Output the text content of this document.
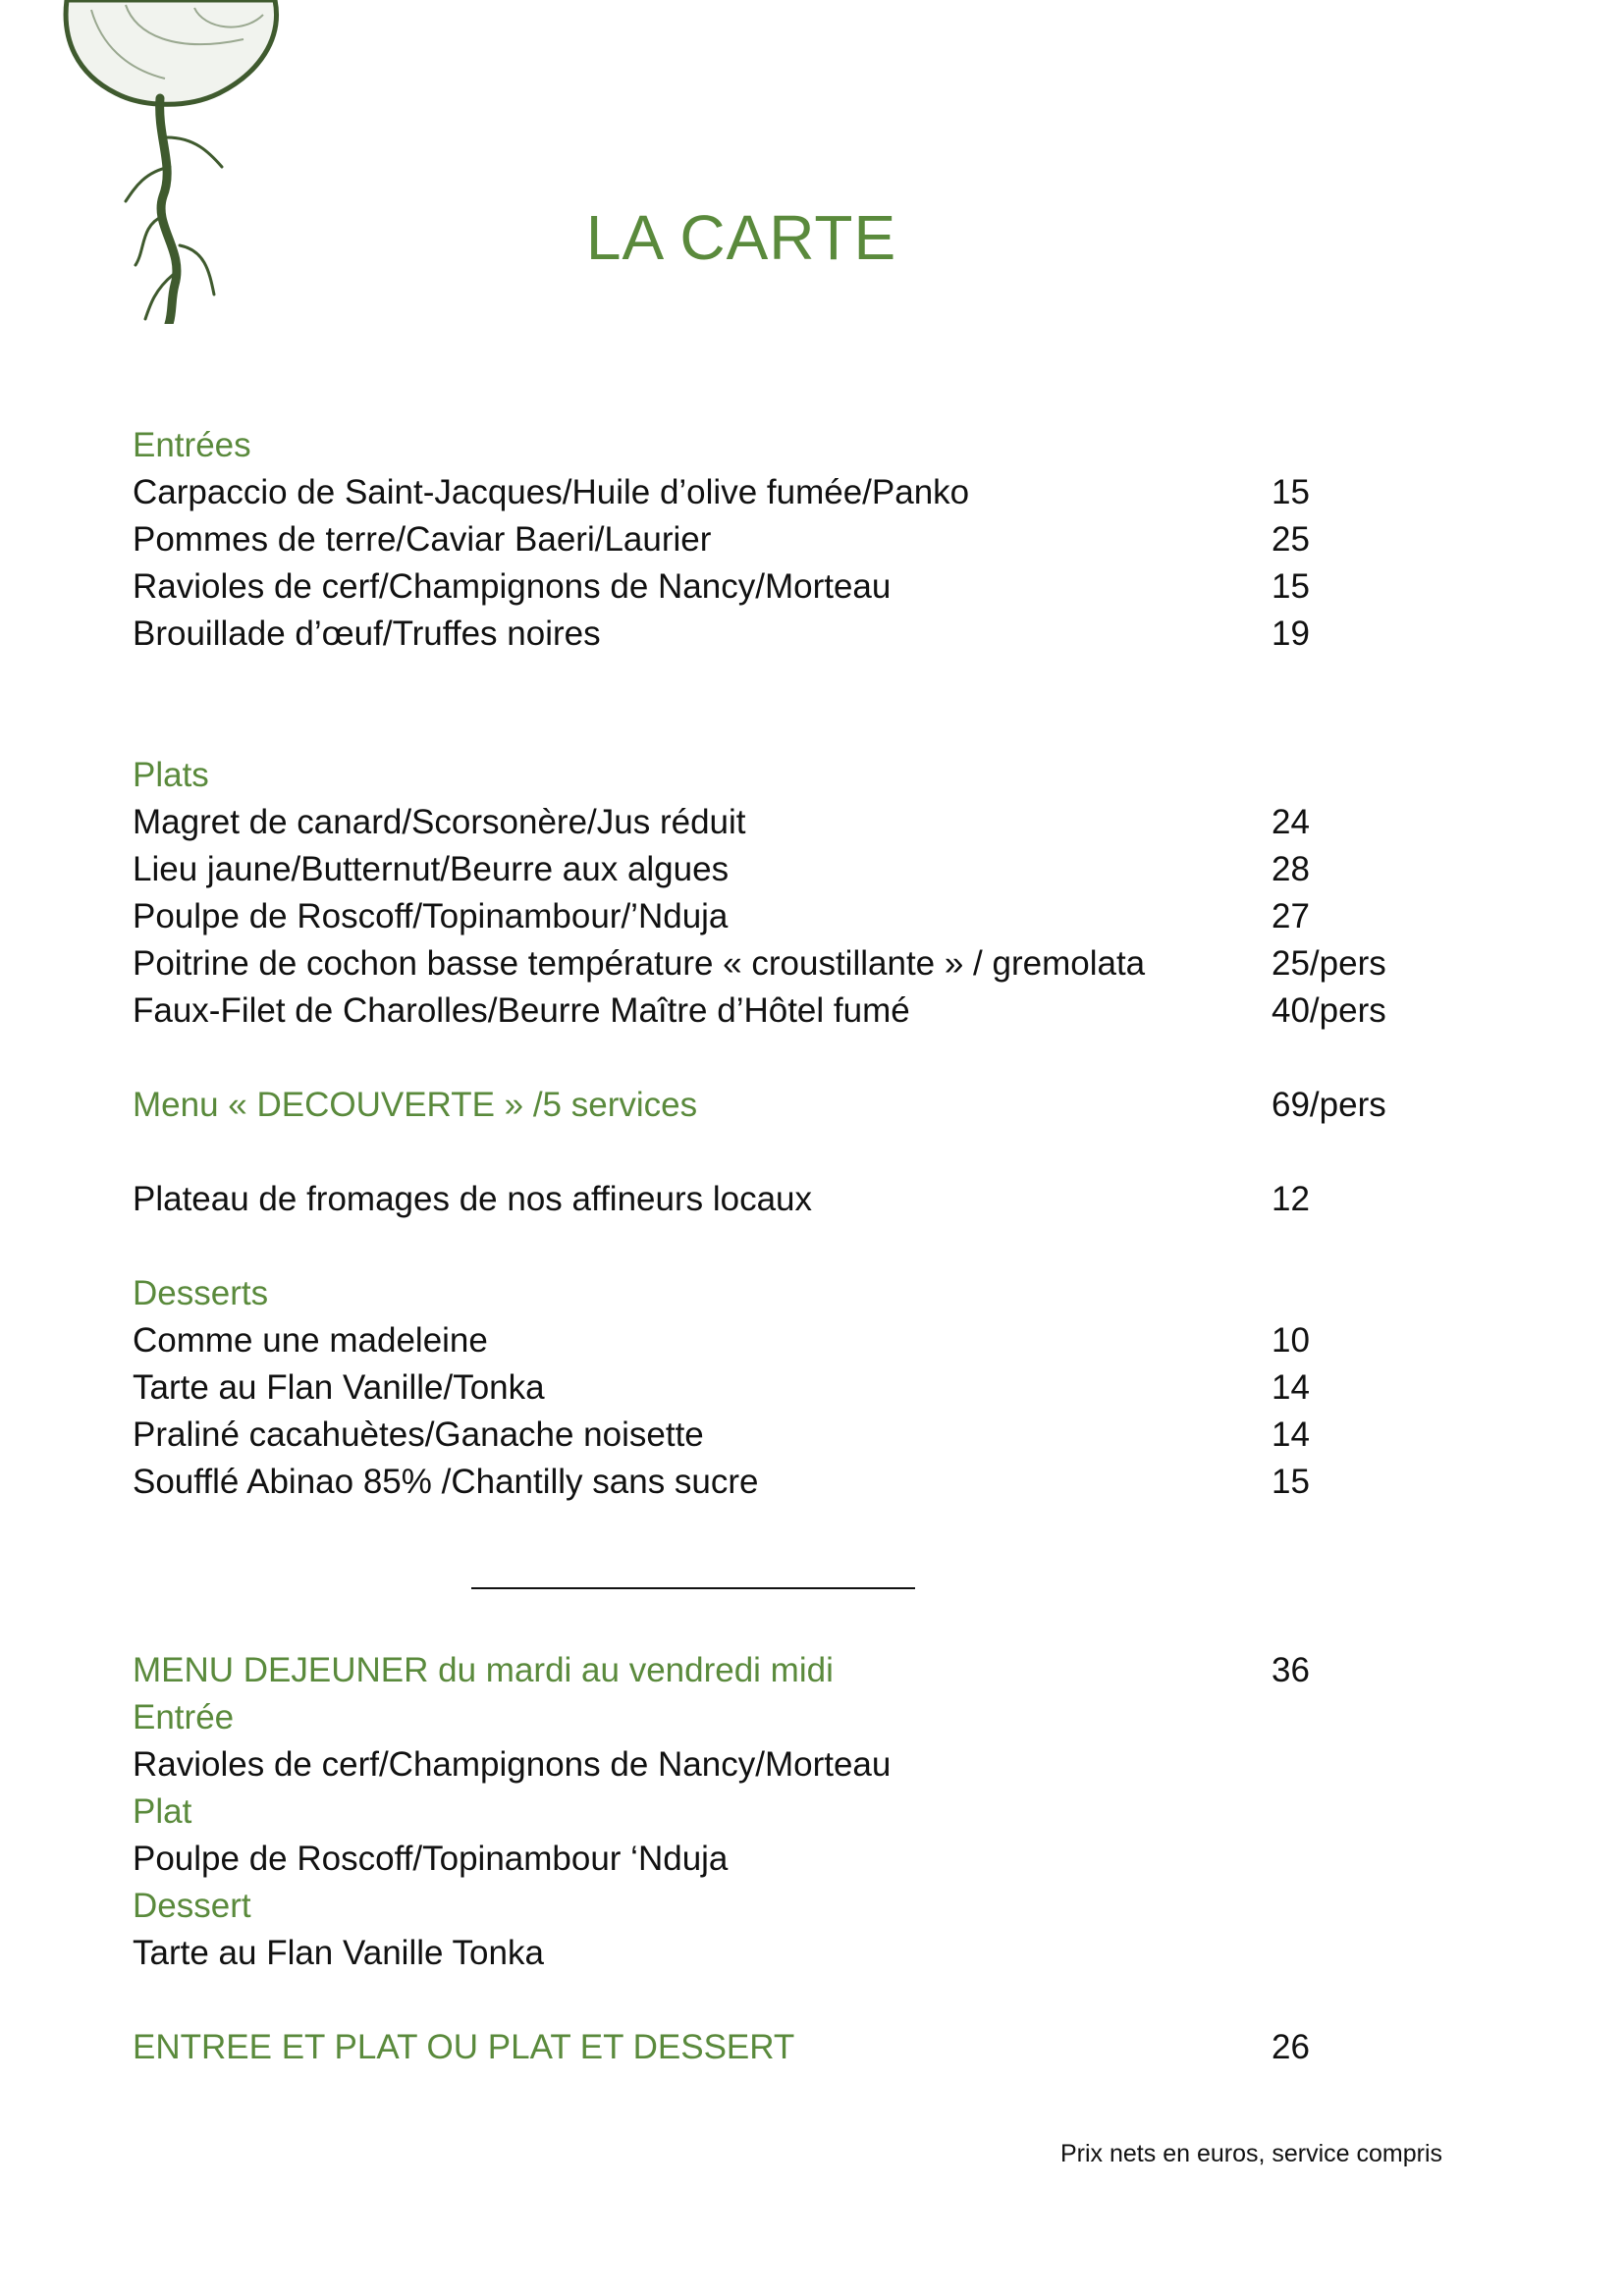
LA CARTE
Entrées
Carpaccio de Saint-Jacques/Huile d’olive fumée/Panko	15
Pommes de terre/Caviar Baeri/Laurier	25
Ravioles de cerf/Champignons de Nancy/Morteau	15
Brouillade d’œuf/Truffes noires	19
Plats
Magret de canard/Scorsonère/Jus réduit	24
Lieu jaune/Butternut/Beurre aux algues	28
Poulpe de Roscoff/Topinambour/’Nduja	27
Poitrine de cochon basse température « croustillante » / gremolata	25/pers
Faux-Filet de Charolles/Beurre Maître d’Hôtel fumé	40/pers
Menu « DECOUVERTE » /5 services	69/pers
Plateau de fromages de nos affineurs locaux	12
Desserts
Comme une madeleine	10
Tarte au Flan Vanille/Tonka	14
Praliné cacahuètes/Ganache noisette	14
Soufflé Abinao 85% /Chantilly sans sucre	15
MENU DEJEUNER du mardi au vendredi midi	36
Entrée
Ravioles de cerf/Champignons de Nancy/Morteau
Plat
Poulpe de Roscoff/Topinambour ‘Nduja
Dessert
Tarte au Flan Vanille Tonka
ENTREE ET PLAT OU PLAT ET DESSERT	26
Prix nets en euros, service compris
